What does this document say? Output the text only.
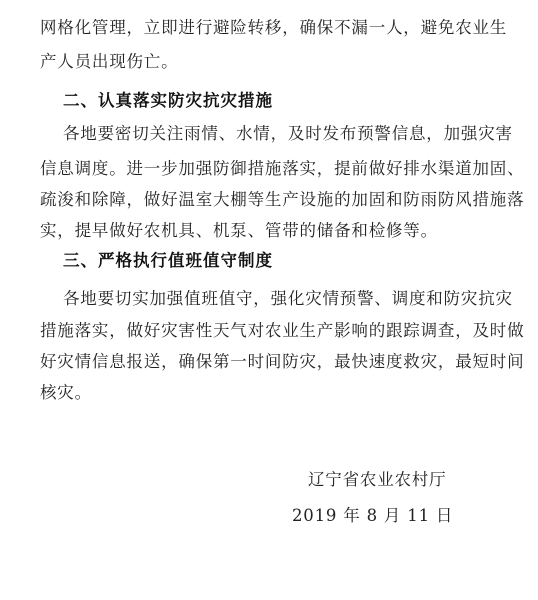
网格化管理，立即进行避险转移，确保不漏一人，避免农业生
产人员出现伤亡。
二、认真落实防灾抗灾措施
各地要密切关注雨情、水情，及时发布预警信息，加强灾害
信息调度。进一步加强防御措施落实，提前做好排水渠道加固、
疏浚和除障，做好温室大棚等生产设施的加固和防雨防风措施落
实，提早做好农机具、机泵、管带的储备和检修等。
三、严格执行值班值守制度
各地要切实加强值班值守，强化灾情预警、调度和防灾抗灾
措施落实，做好灾害性天气对农业生产影响的跟踪调查，及时做
好灾情信息报送，确保第一时间防灾，最快速度救灾，最短时间
核灾。
辽宁省农业农村厅
2019 年 8 月 11 日
